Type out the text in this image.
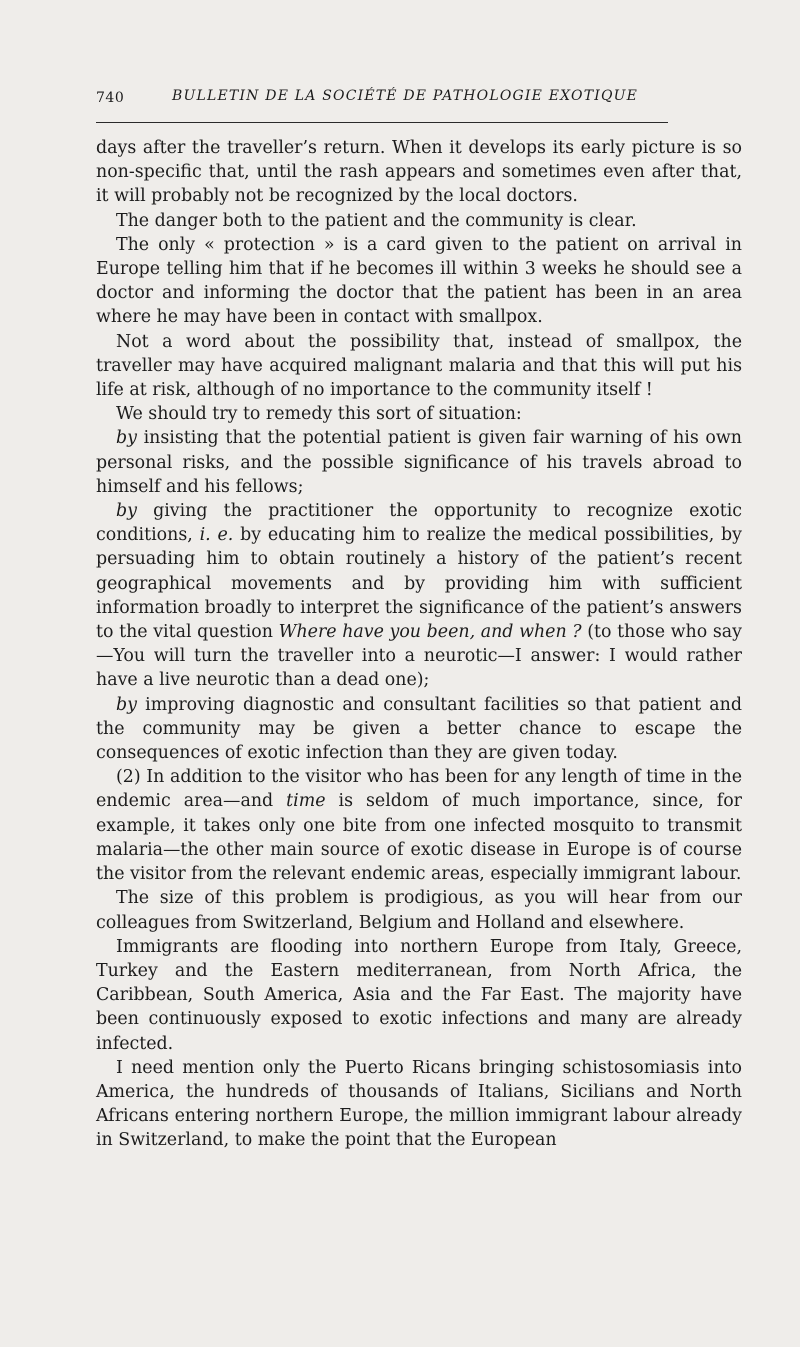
740	BULLETIN DE LA SOCIÉTÉ DE PATHOLOGIE EXOTIQUE

days after the traveller’s return. When it develops its early picture is so non-specific that, until the rash appears and sometimes even after that, it will probably not be recognized by the local doctors.

The danger both to the patient and the community is clear.

The only « protection » is a card given to the patient on arrival in Europe telling him that if he becomes ill within 3 weeks he should see a doctor and informing the doctor that the patient has been in an area where he may have been in contact with smallpox.

Not a word about the possibility that, instead of smallpox, the traveller may have acquired malignant malaria and that this will put his life at risk, although of no importance to the community itself !

We should try to remedy this sort of situation:

by insisting that the potential patient is given fair warning of his own personal risks, and the possible significance of his travels abroad to himself and his fellows;

by giving the practitioner the opportunity to recognize exotic conditions, i. e. by educating him to realize the medical possibilities, by persuading him to obtain routinely a history of the patient’s recent geographical movements and by providing him with sufficient information broadly to interpret the significance of the patient’s answers to the vital question Where have you been, and when ? (to those who say—You will turn the traveller into a neurotic—I answer: I would rather have a live neurotic than a dead one);

by improving diagnostic and consultant facilities so that patient and the community may be given a better chance to escape the consequences of exotic infection than they are given today.

(2) In addition to the visitor who has been for any length of time in the endemic area—and time is seldom of much importance, since, for example, it takes only one bite from one infected mosquito to transmit malaria—the other main source of exotic disease in Europe is of course the visitor from the relevant endemic areas, especially immigrant labour.

The size of this problem is prodigious, as you will hear from our colleagues from Switzerland, Belgium and Holland and elsewhere.

Immigrants are flooding into northern Europe from Italy, Greece, Turkey and the Eastern mediterranean, from North Africa, the Caribbean, South America, Asia and the Far East. The majority have been continuously exposed to exotic infections and many are already infected.

I need mention only the Puerto Ricans bringing schistosomiasis into America, the hundreds of thousands of Italians, Sicilians and North Africans entering northern Europe, the million immigrant labour already in Switzerland, to make the point that the European
